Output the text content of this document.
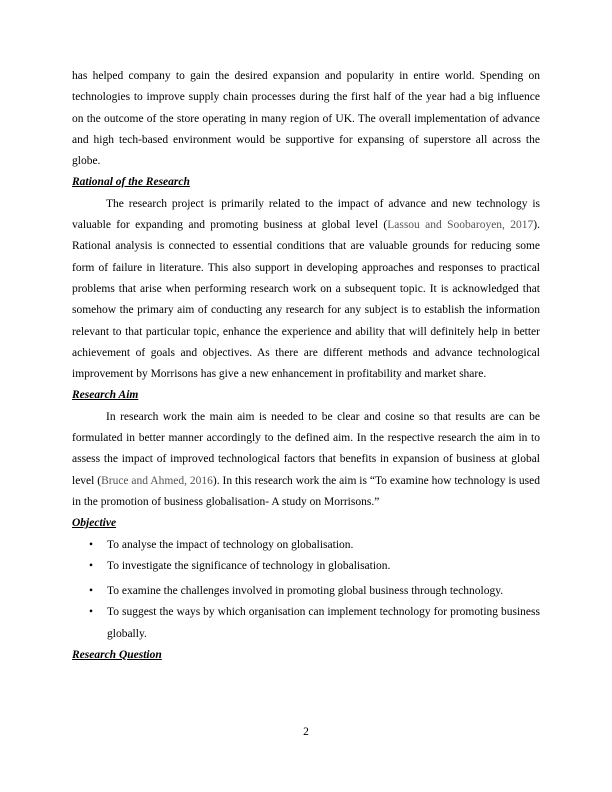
has helped company to gain the desired expansion and popularity in entire world. Spending on technologies to improve supply chain processes during the first half of the year had a big influence on the outcome of the store operating in many region of UK. The overall implementation of advance and high tech-based environment would be supportive for expansing of superstore all across the globe.

Rational of the Research

The research project is primarily related to the impact of advance and new technology is valuable for expanding and promoting business at global level (Lassou and Soobaroyen, 2017). Rational analysis is connected to essential conditions that are valuable grounds for reducing some form of failure in literature. This also support in developing approaches and responses to practical problems that arise when performing research work on a subsequent topic. It is acknowledged that somehow the primary aim of conducting any research for any subject is to establish the information relevant to that particular topic, enhance the experience and ability that will definitely help in better achievement of goals and objectives. As there are different methods and advance technological improvement by Morrisons has give a new enhancement in profitability and market share.

Research Aim

In research work the main aim is needed to be clear and cosine so that results are can be formulated in better manner accordingly to the defined aim. In the respective research the aim in to assess the impact of improved technological factors that benefits in expansion of business at global level (Bruce and Ahmed, 2016). In this research work the aim is “To examine how technology is used in the promotion of business globalisation- A study on Morrisons.”

Objective
• To analyse the impact of technology on globalisation.
• To investigate the significance of technology in globalisation.
• To examine the challenges involved in promoting global business through technology.
• To suggest the ways by which organisation can implement technology for promoting business globally.
Research Question
2
